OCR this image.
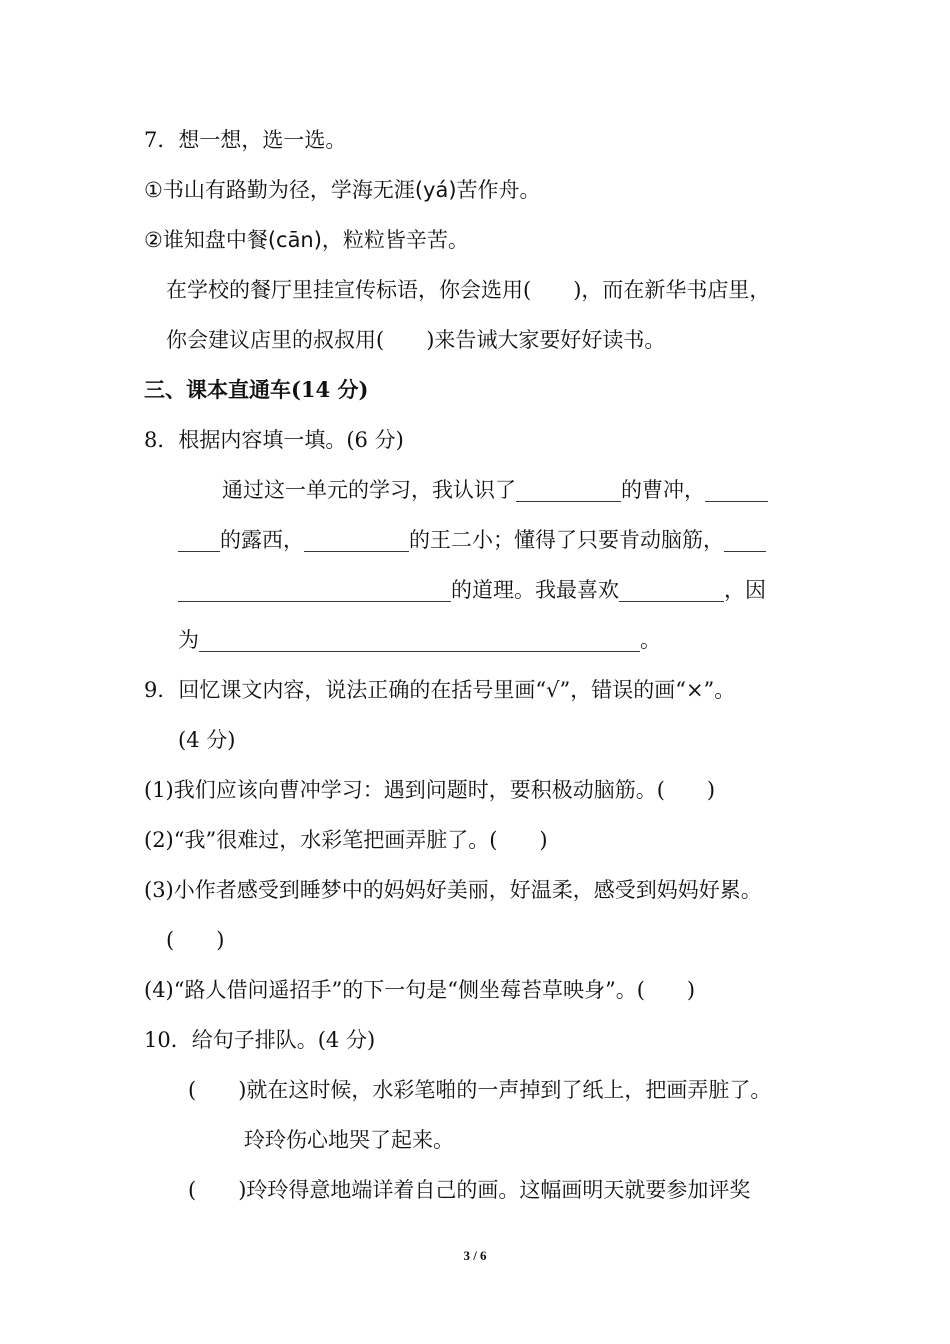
7．想一想，选一选。
①书山有路勤为径，学海无涯(yá)苦作舟。
②谁知盘中餐(cān)，粒粒皆辛苦。
在学校的餐厅里挂宣传标语，你会选用(　　)，而在新华书店里，
你会建议店里的叔叔用(　　)来告诫大家要好好读书。
三、课本直通车(14 分)
8．根据内容填一填。(6 分)
通过这一单元的学习，我认识了__________的曹冲，______
____的露西，__________的王二小；懂得了只要肯动脑筋，____
__________________________的道理。我最喜欢__________，因
为__________________________________________。
9．回忆课文内容，说法正确的在括号里画“√”，错误的画“×”。
(4 分)
(1)我们应该向曹冲学习：遇到问题时，要积极动脑筋。(　　)
(2)“我”很难过，水彩笔把画弄脏了。(　　)
(3)小作者感受到睡梦中的妈妈好美丽，好温柔，感受到妈妈好累。
(　　)
(4)“路人借问遥招手”的下一句是“侧坐莓苔草映身”。(　　)
10．给句子排队。(4 分)
(　　)就在这时候，水彩笔啪的一声掉到了纸上，把画弄脏了。
玲玲伤心地哭了起来。
(　　)玲玲得意地端详着自己的画。这幅画明天就要参加评奖
3 / 6
